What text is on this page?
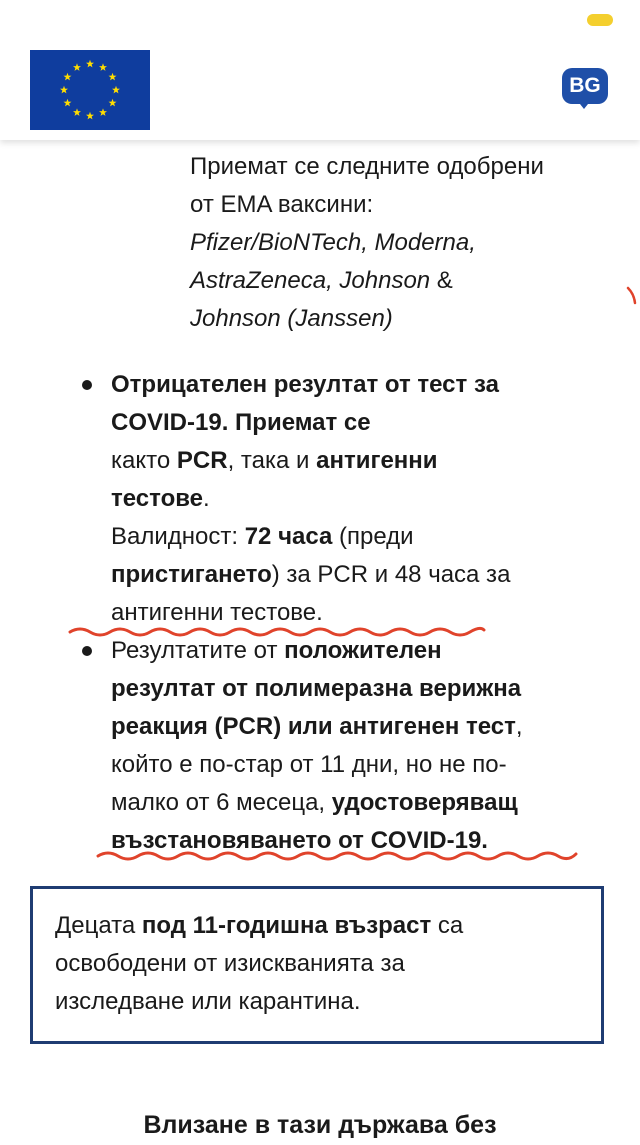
BG

Приемат се следните одобрени

от EMA ваксини:

Pfizer/BioNTech, Moderna,

AstraZeneca, Johnson &

Johnson (Janssen)

Отрицателен резултат от тест за

COVID-19. Приемат се

както PCR, така и антигенни

тестове.

Валидност: 72 часа (преди

пристигането) за PCR и 48 часа за

антигенни тестове.

Резултатите от положителен

резултат от полимеразна верижна

реакция (PCR) или антигенен тест,

който е по-стар от 11 дни, но не по-

малко от 6 месеца, удостоверяващ

възстановяването от COVID-19.

Децата под 11-годишна възраст са

освободени от изискванията за

изследване или карантина.

Влизане в тази държава без
